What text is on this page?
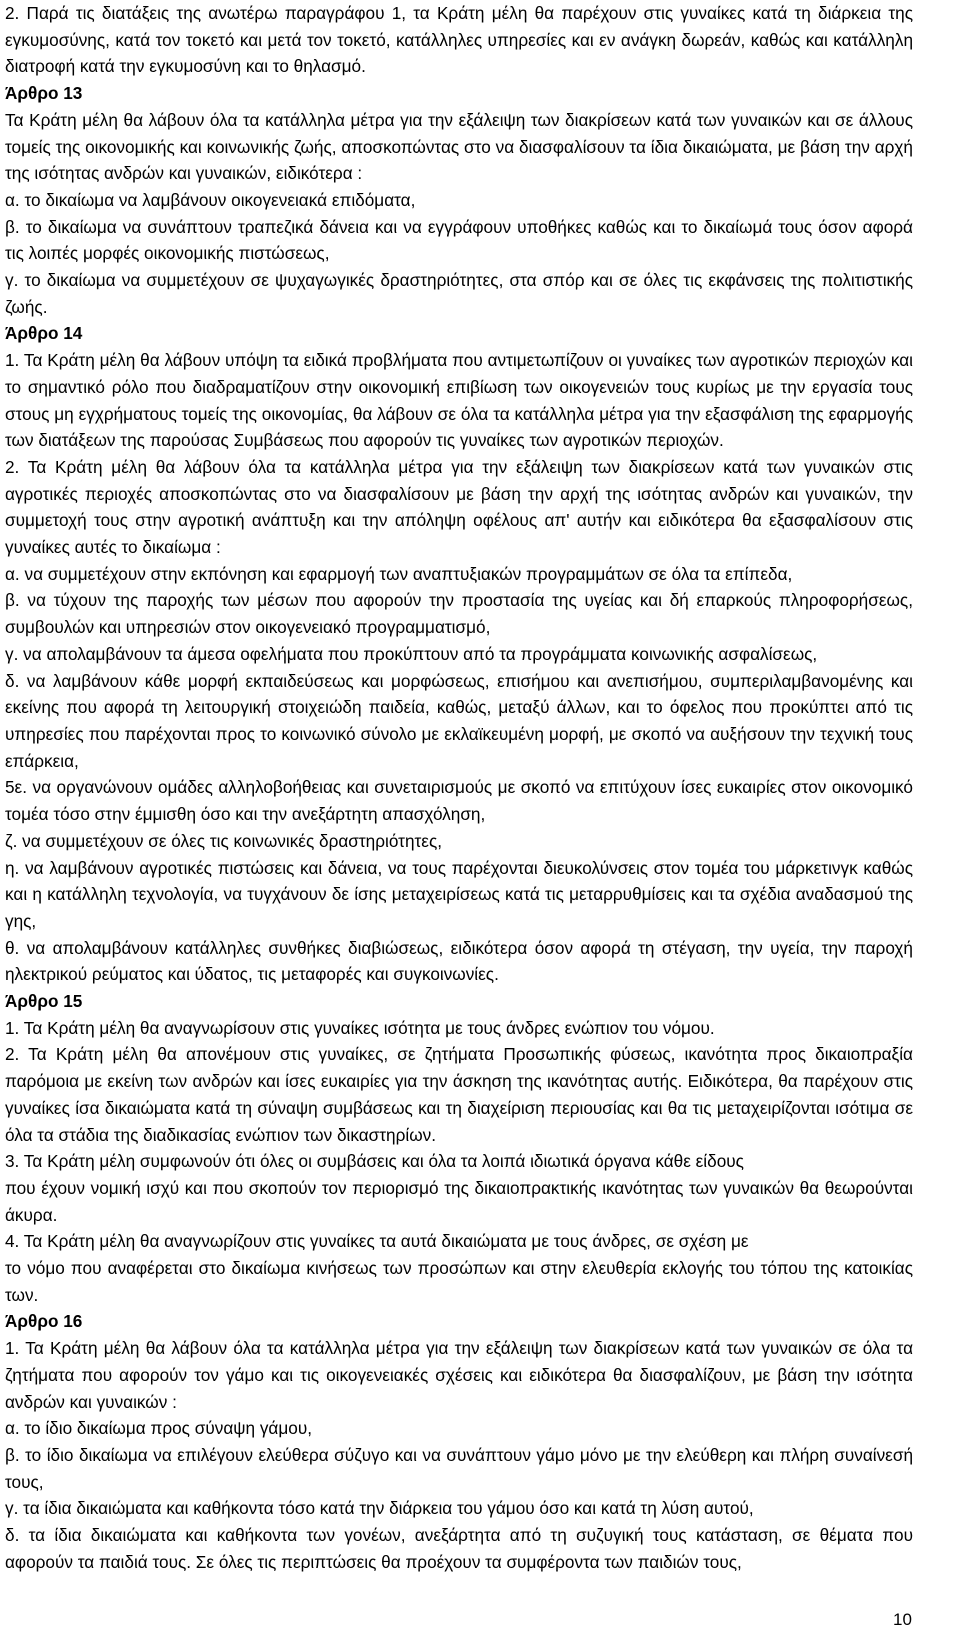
2. Παρά τις διατάξεις της ανωτέρω παραγράφου 1, τα Κράτη μέλη θα παρέχουν στις γυναίκες κατά τη διάρκεια της εγκυμοσύνης, κατά τον τοκετό και μετά τον τοκετό, κατάλληλες υπηρεσίες και εν ανάγκη δωρεάν, καθώς και κατάλληλη διατροφή κατά την εγκυμοσύνη και το θηλασμό.

Άρθρο 13

Τα Κράτη μέλη θα λάβουν όλα τα κατάλληλα μέτρα για την εξάλειψη των διακρίσεων κατά των γυναικών και σε άλλους τομείς της οικονομικής και κοινωνικής ζωής, αποσκοπώντας στο να διασφαλίσουν τα ίδια δικαιώματα, με βάση την αρχή της ισότητας ανδρών και γυναικών, ειδικότερα :

α. το δικαίωμα να λαμβάνουν οικογενειακά επιδόματα,

β. το δικαίωμα να συνάπτουν τραπεζικά δάνεια και να εγγράφουν υποθήκες καθώς και το δικαίωμά τους όσον αφορά τις λοιπές μορφές οικονομικής πιστώσεως,

γ. το δικαίωμα να συμμετέχουν σε ψυχαγωγικές δραστηριότητες, στα σπόρ και σε όλες τις εκφάνσεις της πολιτιστικής ζωής.

Άρθρο 14

1. Τα Κράτη μέλη θα λάβουν υπόψη τα ειδικά προβλήματα που αντιμετωπίζουν οι γυναίκες των αγροτικών περιοχών και το σημαντικό ρόλο που διαδραματίζουν στην οικονομική επιβίωση των οικογενειών τους κυρίως με την εργασία τους στους μη εγχρήματους τομείς της οικονομίας, θα λάβουν σε όλα τα κατάλληλα μέτρα για την εξασφάλιση της εφαρμογής των διατάξεων της παρούσας Συμβάσεως που αφορούν τις γυναίκες των αγροτικών περιοχών.

2. Τα Κράτη μέλη θα λάβουν όλα τα κατάλληλα μέτρα για την εξάλειψη των διακρίσεων κατά των γυναικών στις αγροτικές περιοχές αποσκοπώντας στο να διασφαλίσουν με βάση την αρχή της ισότητας ανδρών και γυναικών, την συμμετοχή τους στην αγροτική ανάπτυξη και την απόληψη οφέλους απ' αυτήν και ειδικότερα θα εξασφαλίσουν στις γυναίκες αυτές το δικαίωμα :

α. να συμμετέχουν στην εκπόνηση και εφαρμογή των αναπτυξιακών προγραμμάτων σε όλα τα επίπεδα,

β. να τύχουν της παροχής των μέσων που αφορούν την προστασία της υγείας και δή επαρκούς πληροφορήσεως, συμβουλών και υπηρεσιών στον οικογενειακό προγραμματισμό,

γ. να απολαμβάνουν τα άμεσα οφελήματα που προκύπτουν από τα προγράμματα κοινωνικής ασφαλίσεως,

δ. να λαμβάνουν κάθε μορφή εκπαιδεύσεως και μορφώσεως, επισήμου και ανεπισήμου, συμπεριλαμβανομένης και εκείνης που αφορά τη λειτουργική στοιχειώδη παιδεία, καθώς, μεταξύ άλλων, και το όφελος που προκύπτει από τις υπηρεσίες που παρέχονται προς το κοινωνικό σύνολο με εκλαϊκευμένη μορφή, με σκοπό να αυξήσουν την τεχνική τους επάρκεια,

5ε. να οργανώνουν ομάδες αλληλοβοήθειας και συνεταιρισμούς με σκοπό να επιτύχουν ίσες ευκαιρίες στον οικονομικό τομέα τόσο στην έμμισθη όσο και την ανεξάρτητη απασχόληση,

ζ. να συμμετέχουν σε όλες τις κοινωνικές δραστηριότητες,

η. να λαμβάνουν αγροτικές πιστώσεις και δάνεια, να τους παρέχονται διευκολύνσεις στον τομέα του μάρκετινγκ καθώς και η κατάλληλη τεχνολογία, να τυγχάνουν δε ίσης μεταχειρίσεως κατά τις μεταρρυθμίσεις και τα σχέδια αναδασμού της γης,

θ. να απολαμβάνουν κατάλληλες συνθήκες διαβιώσεως, ειδικότερα όσον αφορά τη στέγαση, την υγεία, την παροχή ηλεκτρικού ρεύματος και ύδατος, τις μεταφορές και συγκοινωνίες.

Άρθρο 15

1. Τα Κράτη μέλη θα αναγνωρίσουν στις γυναίκες ισότητα με τους άνδρες ενώπιον του νόμου.

2. Τα Κράτη μέλη θα απονέμουν στις γυναίκες, σε ζητήματα Προσωπικής φύσεως, ικανότητα προς δικαιοπραξία παρόμοια με εκείνη των ανδρών και ίσες ευκαιρίες για την άσκηση της ικανότητας αυτής. Ειδικότερα, θα παρέχουν στις γυναίκες ίσα δικαιώματα κατά τη σύναψη συμβάσεως και τη διαχείριση περιουσίας και θα τις μεταχειρίζονται ισότιμα σε όλα τα στάδια της διαδικασίας ενώπιον των δικαστηρίων.

3. Τα Κράτη μέλη συμφωνούν ότι όλες οι συμβάσεις και όλα τα λοιπά ιδιωτικά όργανα κάθε είδους

που έχουν νομική ισχύ και που σκοπούν τον περιορισμό της δικαιοπρακτικής ικανότητας των γυναικών θα θεωρούνται άκυρα.

4. Τα Κράτη μέλη θα αναγνωρίζουν στις γυναίκες τα αυτά δικαιώματα με τους άνδρες, σε σχέση με

το νόμο που αναφέρεται στο δικαίωμα κινήσεως των προσώπων και στην ελευθερία εκλογής του τόπου της κατοικίας των.

Άρθρο 16

1. Τα Κράτη μέλη θα λάβουν όλα τα κατάλληλα μέτρα για την εξάλειψη των διακρίσεων κατά των γυναικών σε όλα τα ζητήματα που αφορούν τον γάμο και τις οικογενειακές σχέσεις και ειδικότερα θα διασφαλίζουν, με βάση την ισότητα ανδρών και γυναικών :

α. το ίδιο δικαίωμα προς σύναψη γάμου,

β. το ίδιο δικαίωμα να επιλέγουν ελεύθερα σύζυγο και να συνάπτουν γάμο μόνο με την ελεύθερη και πλήρη συναίνεσή τους,

γ. τα ίδια δικαιώματα και καθήκοντα τόσο κατά την διάρκεια του γάμου όσο και κατά τη λύση αυτού,

δ. τα ίδια δικαιώματα και καθήκοντα των γονέων, ανεξάρτητα από τη συζυγική τους κατάσταση, σε θέματα που αφορούν τα παιδιά τους. Σε όλες τις περιπτώσεις θα προέχουν τα συμφέροντα των παιδιών τους,

10
